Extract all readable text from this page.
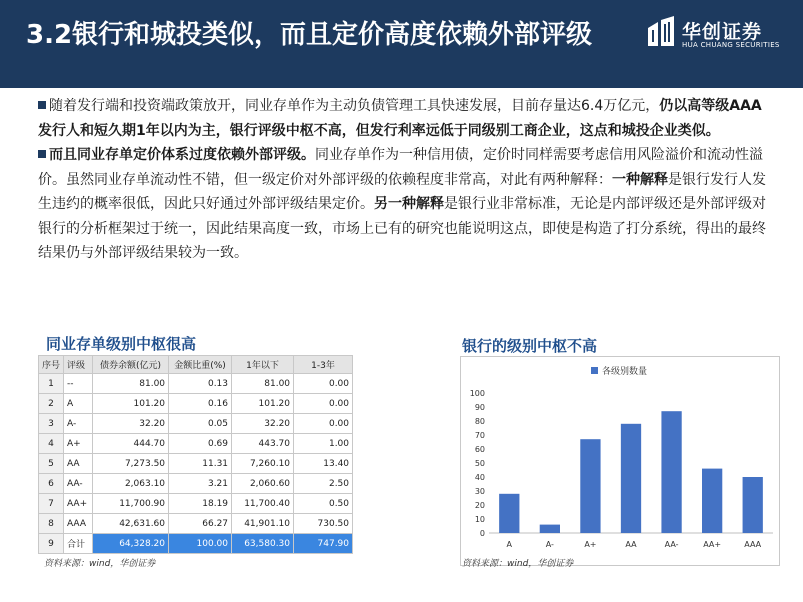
3.2银行和城投类似，而且定价高度依赖外部评级	华创证券
HUA CHUANG SECURITIES

随着发行端和投资端政策放开，同业存单作为主动负债管理工具快速发展，目前存量达6.4万亿元，仍以高等级AAA发行人和短久期1年以内为主，银行评级中枢不高，但发行利率远低于同级别工商企业，这点和城投企业类似。

而且同业存单定价体系过度依赖外部评级。同业存单作为一种信用债，定价时同样需要考虑信用风险溢价和流动性溢价。虽然同业存单流动性不错，但一级定价对外部评级的依赖程度非常高，对此有两种解释：一种解释是银行发行人发生违约的概率很低，因此只好通过外部评级结果定价。另一种解释是银行业非常标准，无论是内部评级还是外部评级对银行的分析框架过于统一，因此结果高度一致，市场上已有的研究也能说明这点，即使是构造了打分系统，得出的最终结果仍与外部评级结果较为一致。

同业存单级别中枢很高	银行的级别中枢不高
序号	评级	债券余额(亿元)	金额比重(%)	1年以下	1-3年
1	--	81.00	0.13	81.00	0.00
2	A	101.20	0.16	101.20	0.00
3	A-	32.20	0.05	32.20	0.00
4	A+	444.70	0.69	443.70	1.00
5	AA	7,273.50	11.31	7,260.10	13.40
6	AA-	2,063.10	3.21	2,060.60	2.50
7	AA+	11,700.90	18.19	11,700.40	0.50
8	AAA	42,631.60	66.27	41,901.10	730.50
9	合计	64,328.20	100.00	63,580.30	747.90
资料来源：wind，华创证券
0
10
20
30
40
50
60
70
80
90
100
A	A-	A+	AA	AA-	AA+	AAA
各级别数量
资料来源：wind，华创证券
